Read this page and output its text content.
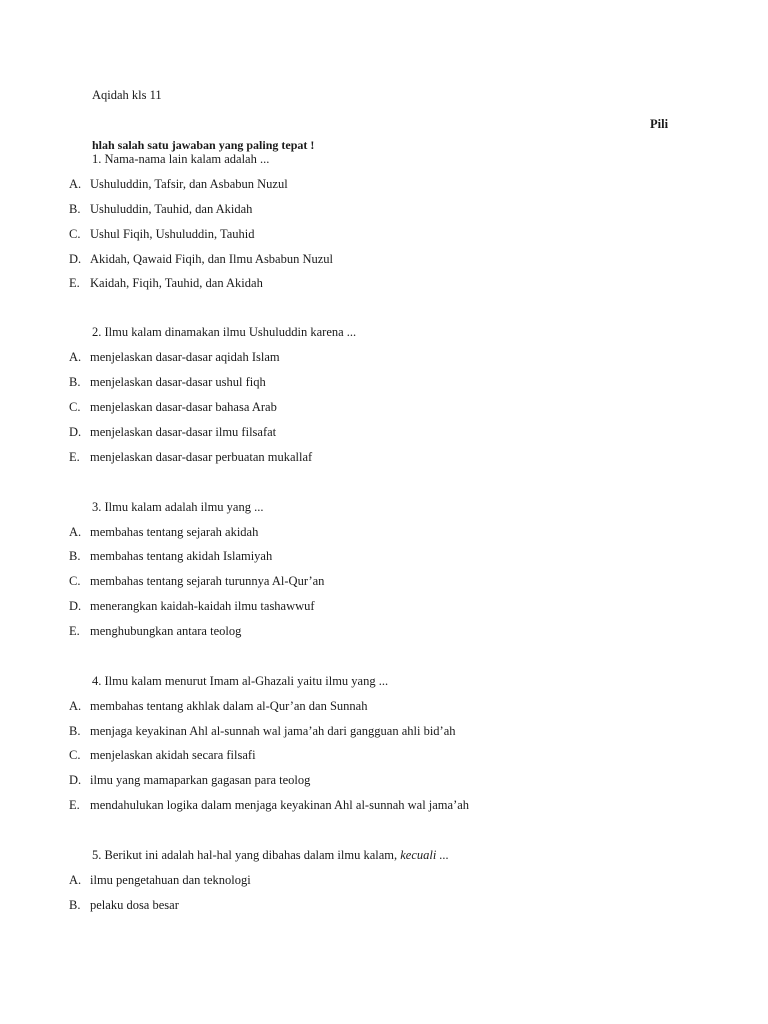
Aqidah kls 11
Pili
hlah salah satu jawaban yang paling tepat !
1. Nama-nama lain kalam adalah ...
A. Ushuluddin, Tafsir, dan Asbabun Nuzul
B. Ushuluddin, Tauhid, dan Akidah
C. Ushul Fiqih, Ushuluddin, Tauhid
D. Akidah, Qawaid Fiqih, dan Ilmu Asbabun Nuzul
E. Kaidah, Fiqih, Tauhid, dan Akidah
2. Ilmu kalam dinamakan ilmu Ushuluddin karena ...
A. menjelaskan dasar-dasar aqidah Islam
B. menjelaskan dasar-dasar ushul fiqh
C. menjelaskan dasar-dasar bahasa Arab
D. menjelaskan dasar-dasar ilmu filsafat
E. menjelaskan dasar-dasar perbuatan mukallaf
3. Ilmu kalam adalah ilmu yang ...
A. membahas tentang sejarah akidah
B. membahas tentang akidah Islamiyah
C. membahas tentang sejarah turunnya Al-Qur’an
D. menerangkan kaidah-kaidah ilmu tashawwuf
E. menghubungkan antara teolog
4. Ilmu kalam menurut Imam al-Ghazali yaitu ilmu yang ...
A. membahas tentang akhlak dalam al-Qur’an dan Sunnah
B. menjaga keyakinan Ahl al-sunnah wal jama’ah dari gangguan ahli bid’ah
C. menjelaskan akidah secara filsafi
D. ilmu yang mamaparkan gagasan para teolog
E. mendahulukan logika dalam menjaga keyakinan Ahl al-sunnah wal jama’ah
5. Berikut ini adalah hal-hal yang dibahas dalam ilmu kalam, kecuali ...
A. ilmu pengetahuan dan teknologi
B. pelaku dosa besar
